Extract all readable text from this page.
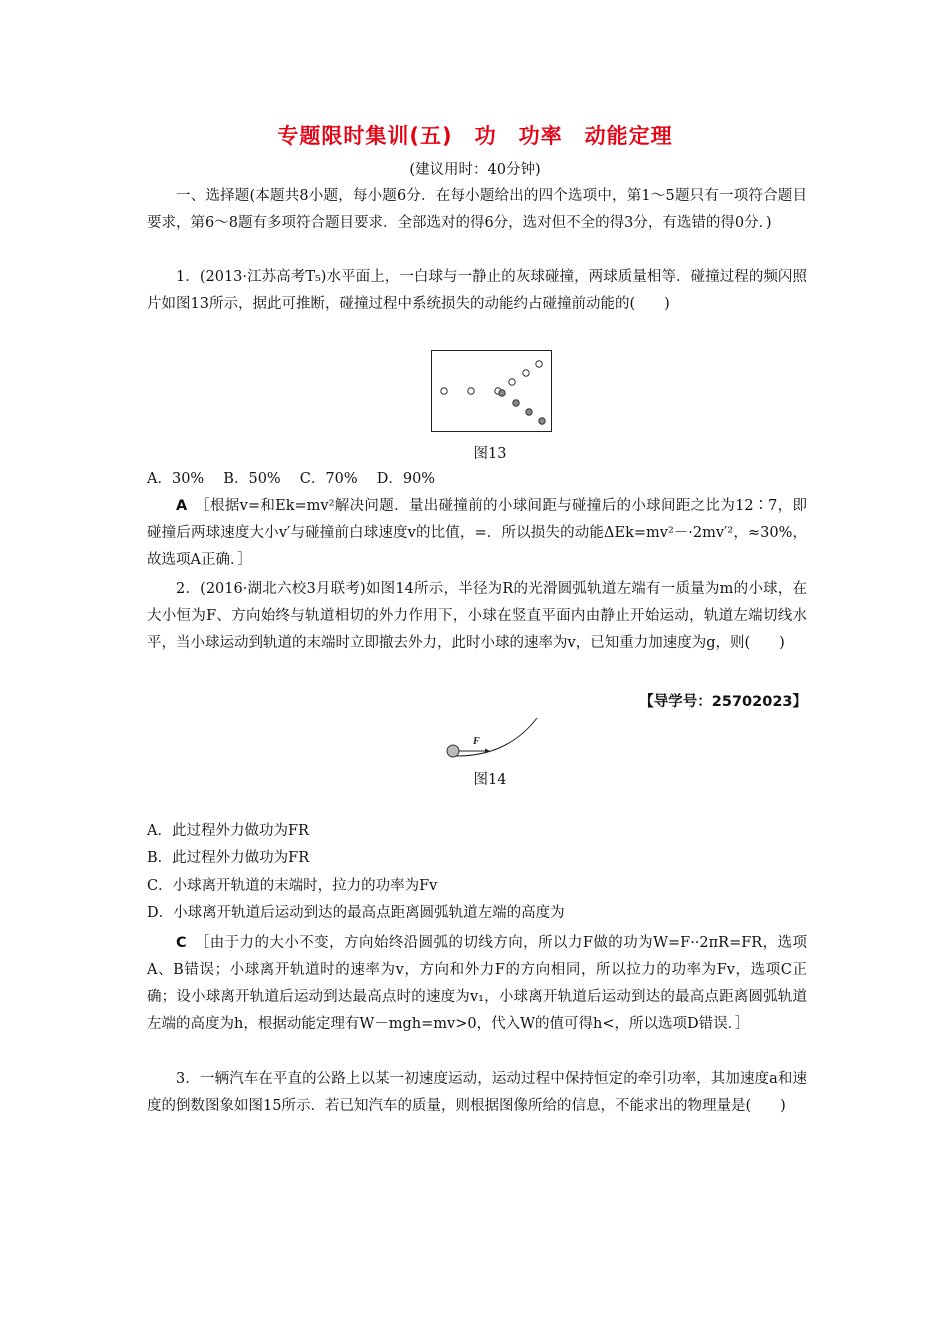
专题限时集训(五)　功　功率　动能定理
(建议用时：40分钟)

一、选择题(本题共8小题，每小题6分．在每小题给出的四个选项中，第1～5题只有一项符合题目要求，第6～8题有多项符合题目要求．全部选对的得6分，选对但不全的得3分，有选错的得0分．)

1．(2013·江苏高考T₅)水平面上，一白球与一静止的灰球碰撞，两球质量相等．碰撞过程的频闪照片如图13所示，据此可推断，碰撞过程中系统损失的动能约占碰撞前动能的(　　)

图13
A．30%　 B．50%　 C．70%　 D．90%

A　 ［根据v=和Ek=mv²解决问题．量出碰撞前的小球间距与碰撞后的小球间距之比为12∶7，即碰撞后两球速度大小v′与碰撞前白球速度v的比值，=．所以损失的动能ΔEk=mv²－·2mv′²，≈30%，故选项A正确．］

2．(2016·湖北六校3月联考)如图14所示，半径为R的光滑圆弧轨道左端有一质量为m的小球，在大小恒为F、方向始终与轨道相切的外力作用下，小球在竖直平面内由静止开始运动，轨道左端切线水平，当小球运动到轨道的末端时立即撤去外力，此时小球的速率为v，已知重力加速度为g，则(　　)

【导学号：25702023】
F
图14
A．此过程外力做功为FR
B．此过程外力做功为FR
C．小球离开轨道的末端时，拉力的功率为Fv
D．小球离开轨道后运动到达的最高点距离圆弧轨道左端的高度为

C　 ［由于力的大小不变，方向始终沿圆弧的切线方向，所以力F做的功为W=F··2πR=FR，选项A、B错误；小球离开轨道时的速率为v，方向和外力F的方向相同，所以拉力的功率为Fv，选项C正确；设小球离开轨道后运动到达最高点时的速度为v₁，小球离开轨道后运动到达的最高点距离圆弧轨道左端的高度为h，根据动能定理有W－mgh=mv>0，代入W的值可得h<，所以选项D错误．］

3．一辆汽车在平直的公路上以某一初速度运动，运动过程中保持恒定的牵引功率，其加速度a和速度的倒数图象如图15所示．若已知汽车的质量，则根据图像所给的信息，不能求出的物理量是(　　)
